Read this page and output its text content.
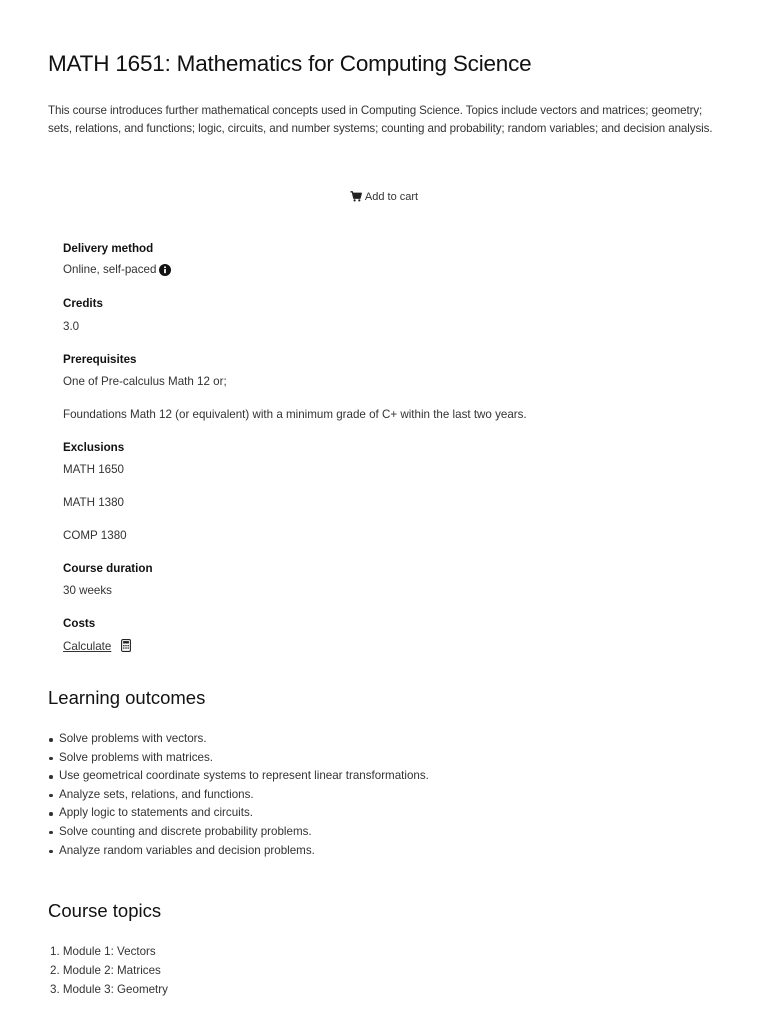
MATH 1651: Mathematics for Computing Science

This course introduces further mathematical concepts used in Computing Science. Topics include vectors and matrices; geometry; sets, relations, and functions; logic, circuits, and number systems; counting and probability; random variables; and decision analysis.

Add to cart

Delivery method

Online, self-paced

Credits

3.0

Prerequisites

One of Pre-calculus Math 12 or;

Foundations Math 12 (or equivalent) with a minimum grade of C+ within the last two years.

Exclusions

MATH 1650

MATH 1380

COMP 1380

Course duration

30 weeks

Costs

Calculate
Learning outcomes
Solve problems with vectors.
Solve problems with matrices.
Use geometrical coordinate systems to represent linear transformations.
Analyze sets, relations, and functions.
Apply logic to statements and circuits.
Solve counting and discrete probability problems.
Analyze random variables and decision problems.
Course topics
1. Module 1: Vectors
2. Module 2: Matrices
3. Module 3: Geometry
